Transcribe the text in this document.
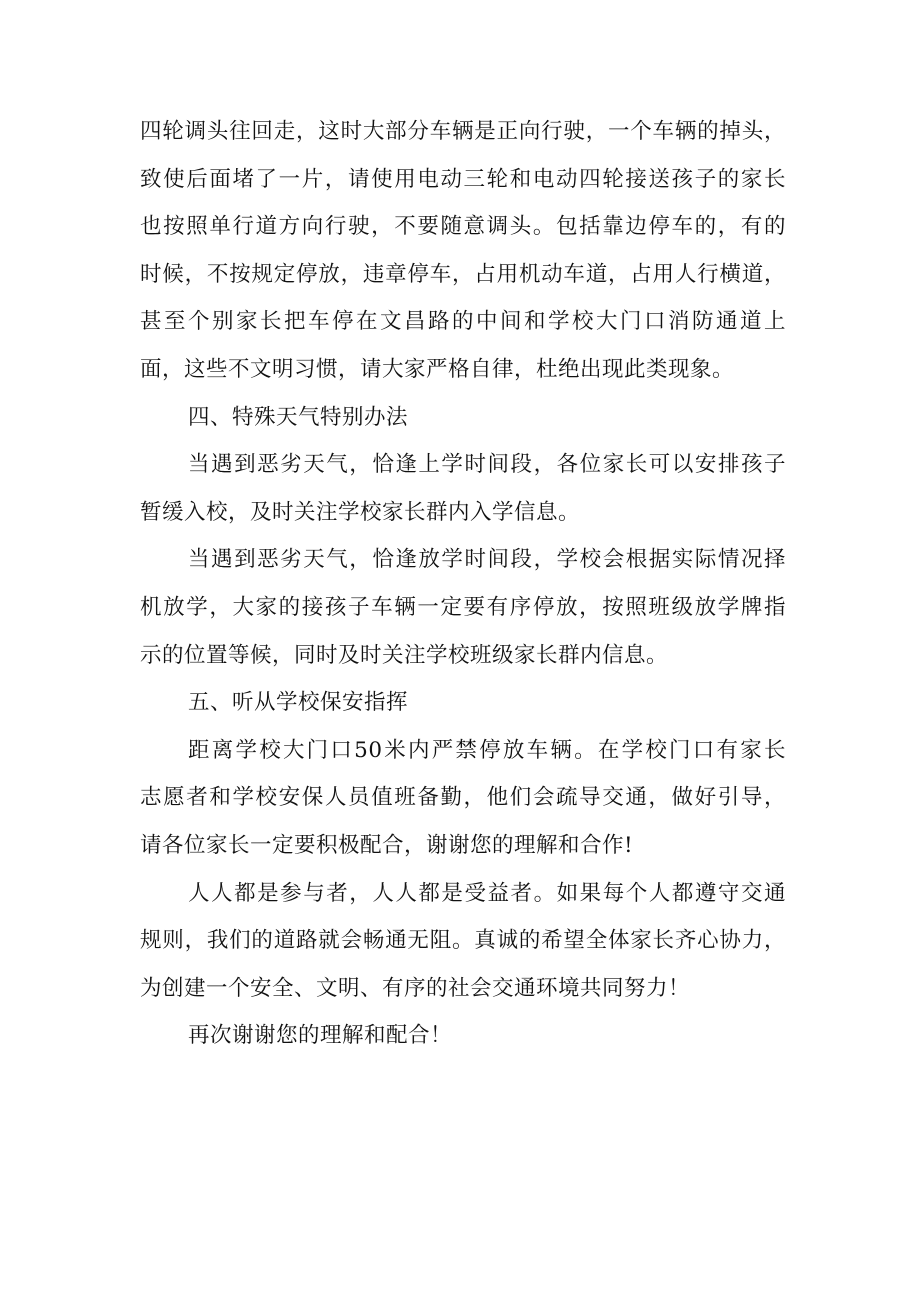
四轮调头往回走，这时大部分车辆是正向行驶，一个车辆的掉头，
致使后面堵了一片，请使用电动三轮和电动四轮接送孩子的家长
也按照单行道方向行驶，不要随意调头。包括靠边停车的，有的
时候，不按规定停放，违章停车，占用机动车道，占用人行横道，
甚至个别家长把车停在文昌路的中间和学校大门口消防通道上
面，这些不文明习惯，请大家严格自律，杜绝出现此类现象。
四、特殊天气特别办法
当遇到恶劣天气，恰逢上学时间段，各位家长可以安排孩子
暂缓入校，及时关注学校家长群内入学信息。
当遇到恶劣天气，恰逢放学时间段，学校会根据实际情况择
机放学，大家的接孩子车辆一定要有序停放，按照班级放学牌指
示的位置等候，同时及时关注学校班级家长群内信息。
五、听从学校保安指挥
距离学校大门口50米内严禁停放车辆。在学校门口有家长
志愿者和学校安保人员值班备勤，他们会疏导交通，做好引导，
请各位家长一定要积极配合，谢谢您的理解和合作!
人人都是参与者，人人都是受益者。如果每个人都遵守交通
规则，我们的道路就会畅通无阻。真诚的希望全体家长齐心协力，
为创建一个安全、文明、有序的社会交通环境共同努力！
再次谢谢您的理解和配合！
